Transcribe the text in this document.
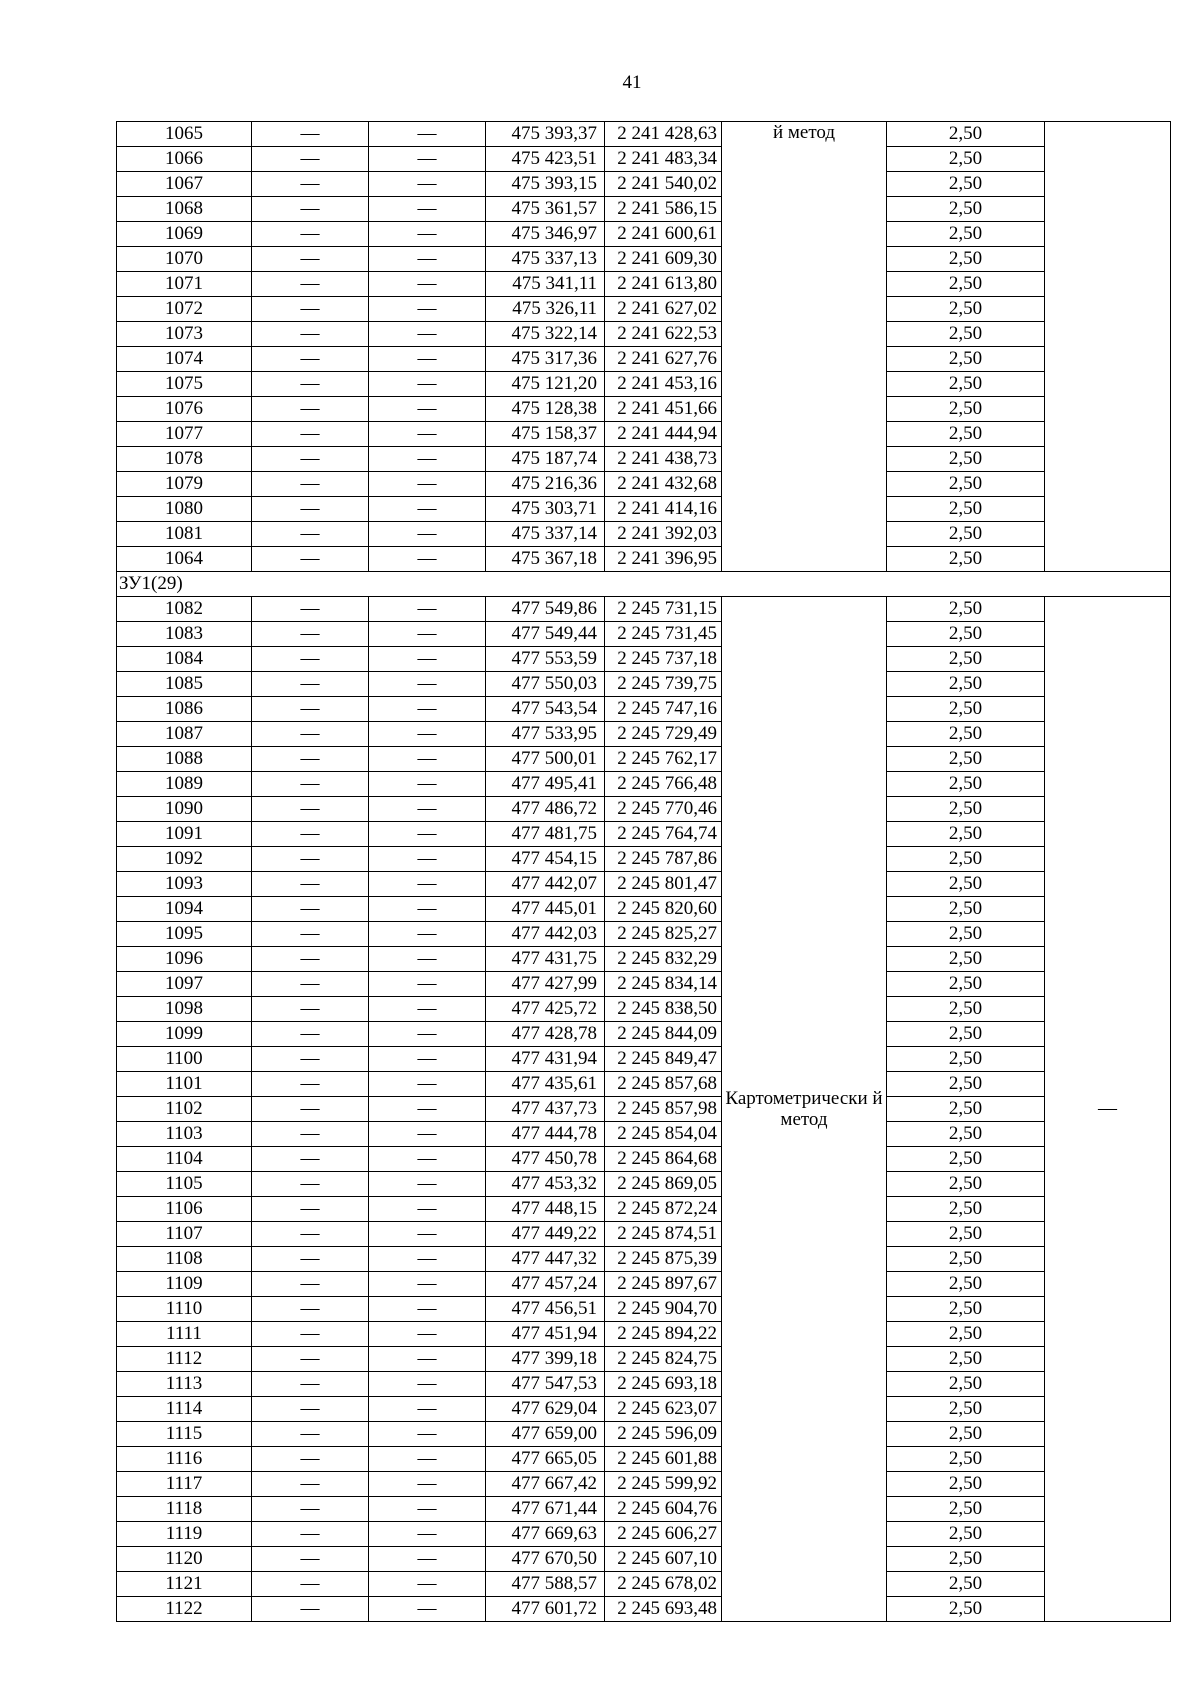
41
1065	—	—	475 393,37	2 241 428,63	й метод	2,50	
1066	—	—	475 423,51	2 241 483,34		2,50	
1067	—	—	475 393,15	2 241 540,02		2,50	
1068	—	—	475 361,57	2 241 586,15		2,50	
1069	—	—	475 346,97	2 241 600,61		2,50	
1070	—	—	475 337,13	2 241 609,30		2,50	
1071	—	—	475 341,11	2 241 613,80		2,50	
1072	—	—	475 326,11	2 241 627,02		2,50	
1073	—	—	475 322,14	2 241 622,53		2,50	
1074	—	—	475 317,36	2 241 627,76		2,50	
1075	—	—	475 121,20	2 241 453,16		2,50	
1076	—	—	475 128,38	2 241 451,66		2,50	
1077	—	—	475 158,37	2 241 444,94		2,50	
1078	—	—	475 187,74	2 241 438,73		2,50	
1079	—	—	475 216,36	2 241 432,68		2,50	
1080	—	—	475 303,71	2 241 414,16		2,50	
1081	—	—	475 337,14	2 241 392,03		2,50	
1064	—	—	475 367,18	2 241 396,95		2,50	
ЗУ1(29)							
1082	—	—	477 549,86	2 245 731,15	Картометрически й метод	2,50	—
1083	—	—	477 549,44	2 245 731,45		2,50	
1084	—	—	477 553,59	2 245 737,18		2,50	
1085	—	—	477 550,03	2 245 739,75		2,50	
1086	—	—	477 543,54	2 245 747,16		2,50	
1087	—	—	477 533,95	2 245 729,49		2,50	
1088	—	—	477 500,01	2 245 762,17		2,50	
1089	—	—	477 495,41	2 245 766,48		2,50	
1090	—	—	477 486,72	2 245 770,46		2,50	
1091	—	—	477 481,75	2 245 764,74		2,50	
1092	—	—	477 454,15	2 245 787,86		2,50	
1093	—	—	477 442,07	2 245 801,47		2,50	
1094	—	—	477 445,01	2 245 820,60		2,50	
1095	—	—	477 442,03	2 245 825,27		2,50	
1096	—	—	477 431,75	2 245 832,29		2,50	
1097	—	—	477 427,99	2 245 834,14		2,50	
1098	—	—	477 425,72	2 245 838,50		2,50	
1099	—	—	477 428,78	2 245 844,09		2,50	
1100	—	—	477 431,94	2 245 849,47		2,50	
1101	—	—	477 435,61	2 245 857,68		2,50	
1102	—	—	477 437,73	2 245 857,98		2,50	
1103	—	—	477 444,78	2 245 854,04		2,50	
1104	—	—	477 450,78	2 245 864,68		2,50	
1105	—	—	477 453,32	2 245 869,05		2,50	
1106	—	—	477 448,15	2 245 872,24		2,50	
1107	—	—	477 449,22	2 245 874,51		2,50	
1108	—	—	477 447,32	2 245 875,39		2,50	
1109	—	—	477 457,24	2 245 897,67		2,50	
1110	—	—	477 456,51	2 245 904,70		2,50	
1111	—	—	477 451,94	2 245 894,22		2,50	
1112	—	—	477 399,18	2 245 824,75		2,50	
1113	—	—	477 547,53	2 245 693,18		2,50	
1114	—	—	477 629,04	2 245 623,07		2,50	
1115	—	—	477 659,00	2 245 596,09		2,50	
1116	—	—	477 665,05	2 245 601,88		2,50	
1117	—	—	477 667,42	2 245 599,92		2,50	
1118	—	—	477 671,44	2 245 604,76		2,50	
1119	—	—	477 669,63	2 245 606,27		2,50	
1120	—	—	477 670,50	2 245 607,10		2,50	
1121	—	—	477 588,57	2 245 678,02		2,50	
1122	—	—	477 601,72	2 245 693,48		2,50	
